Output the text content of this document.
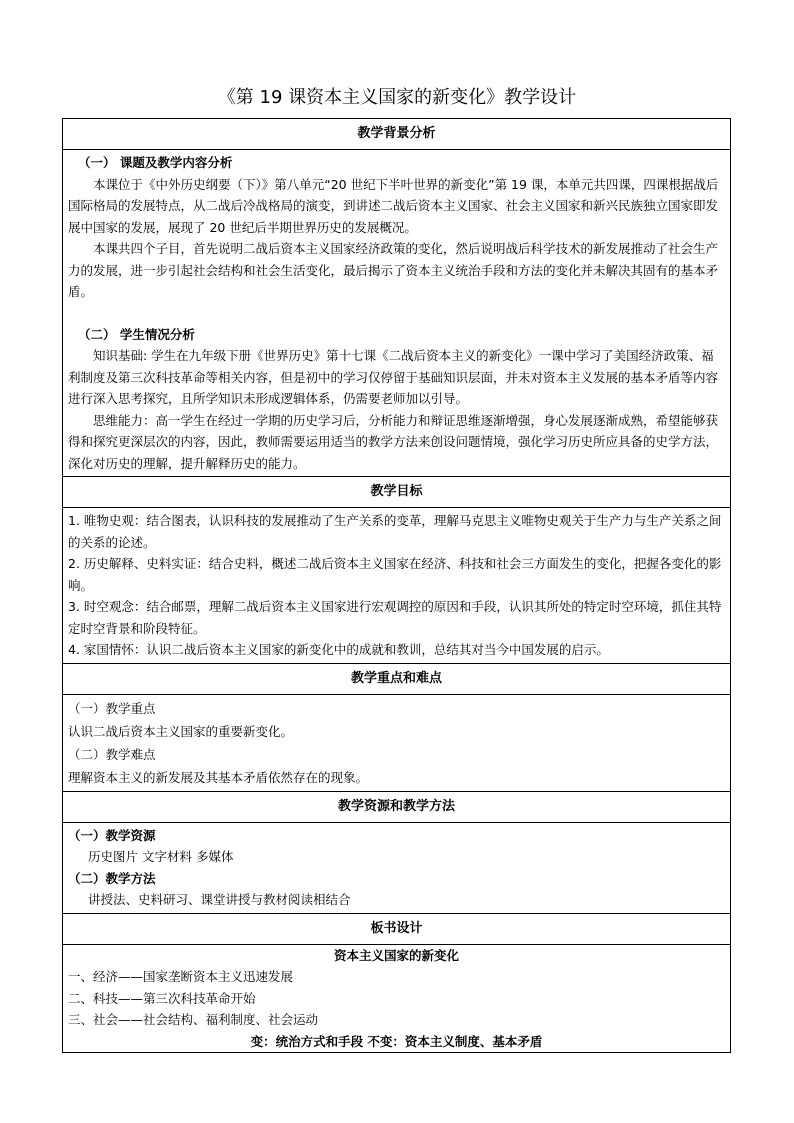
《第 19 课资本主义国家的新变化》教学设计
教学背景分析
（一） 课题及教学内容分析
本课位于《中外历史纲要（下）》第八单元“20 世纪下半叶世界的新变化”第 19 课，本单元共四课，四课根据战后国际格局的发展特点，从二战后冷战格局的演变，到讲述二战后资本主义国家、社会主义国家和新兴民族独立国家即发展中国家的发展，展现了 20 世纪后半期世界历史的发展概况。
本课共四个子目，首先说明二战后资本主义国家经济政策的变化，然后说明战后科学技术的新发展推动了社会生产力的发展，进一步引起社会结构和社会生活变化，最后揭示了资本主义统治手段和方法的变化并未解决其固有的基本矛盾。
（二） 学生情况分析
知识基础: 学生在九年级下册《世界历史》第十七课《二战后资本主义的新变化》一课中学习了美国经济政策、福利制度及第三次科技革命等相关内容，但是初中的学习仅停留于基础知识层面，并未对资本主义发展的基本矛盾等内容进行深入思考探究，且所学知识未形成逻辑体系，仍需要老师加以引导。
思维能力：高一学生在经过一学期的历史学习后，分析能力和辩证思维逐渐增强，身心发展逐渐成熟，希望能够获得和探究更深层次的内容，因此，教师需要运用适当的教学方法来创设问题情境，强化学习历史所应具备的史学方法，深化对历史的理解，提升解释历史的能力。
教学目标
1. 唯物史观：结合图表，认识科技的发展推动了生产关系的变革，理解马克思主义唯物史观关于生产力与生产关系之间的关系的论述。
2. 历史解释、史料实证：结合史料，概述二战后资本主义国家在经济、科技和社会三方面发生的变化，把握各变化的影响。
3. 时空观念：结合邮票，理解二战后资本主义国家进行宏观调控的原因和手段，认识其所处的特定时空环境，抓住其特定时空背景和阶段特征。
4. 家国情怀：认识二战后资本主义国家的新变化中的成就和教训，总结其对当今中国发展的启示。
教学重点和难点
（一）教学重点
认识二战后资本主义国家的重要新变化。
（二）教学难点
理解资本主义的新发展及其基本矛盾依然存在的现象。
教学资源和教学方法
（一）教学资源
历史图片 文字材料 多媒体
（二）教学方法
讲授法、史料研习、课堂讲授与教材阅读相结合
板书设计
资本主义国家的新变化
一、经济——国家垄断资本主义迅速发展
二、科技——第三次科技革命开始
三、社会——社会结构、福利制度、社会运动
变：统治方式和手段 不变：资本主义制度、基本矛盾
